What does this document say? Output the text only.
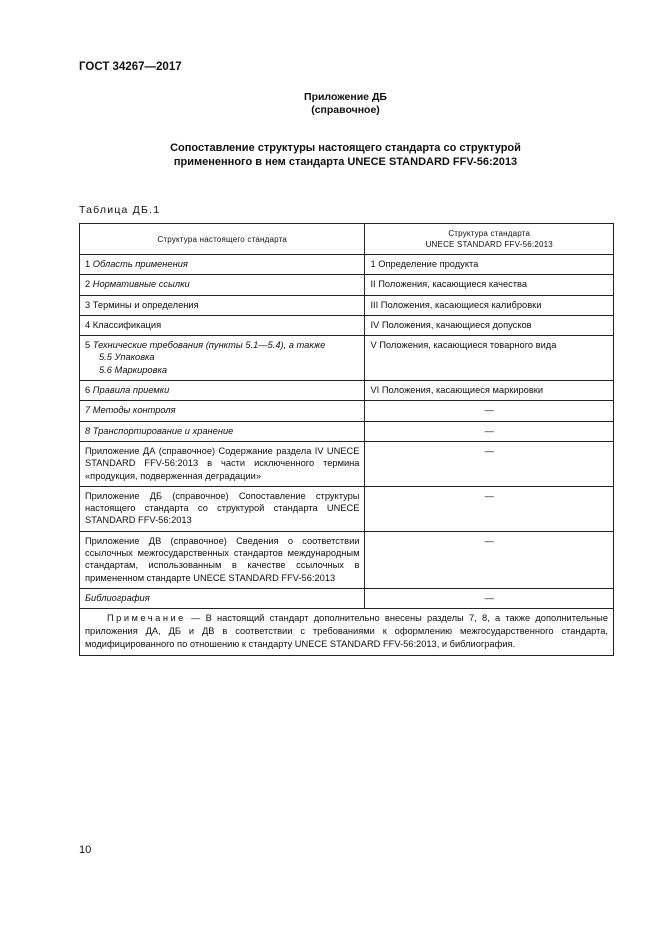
ГОСТ 34267—2017
Приложение ДБ
(справочное)
Сопоставление структуры настоящего стандарта со структурой
примененного в нем стандарта UNECE STANDARD FFV-56:2013
Таблица ДБ.1
Структура настоящего стандарта	Структура стандарта
UNECE STANDARD FFV-56:2013

1 Область применения	1 Определение продукта
2 Нормативные ссылки	II Положения, касающиеся качества
3 Термины и определения	III Положения, касающиеся калибровки
4 Классификация	IV Положения, качающиеся допусков

5 Технические требования (пункты 5.1—5.4), а также
5.5 Упаковка
5.6 Маркировка	V Положения, касающиеся товарного вида
6 Правила приемки	VI Положения, касающиеся маркировки
7 Методы контроля	—
8 Транспортирование и хранение	—
Приложение ДА (справочное) Содержание раздела IV UNECE STANDARD FFV-56:2013 в части исключенного термина «продукция, подверженная деградации»	—
Приложение ДБ (справочное) Сопоставление структуры настоящего стандарта со структурой стандарта UNECE STANDARD FFV-56:2013	—
Приложение ДВ (справочное) Сведения о соответствии ссылочных межгосударственных стандартов международным стандартам, использованным в качестве ссылочных в примененном стандарте UNECE STANDARD FFV-56:2013	—
Библиография	—
Примечание — В настоящий стандарт дополнительно внесены разделы 7, 8, а также дополнительные приложения ДА, ДБ и ДВ в соответствии с требованиями к оформлению межгосударственного стандарта, модифицированного по отношению к стандарту UNECE STANDARD FFV-56:2013, и библиография.	
10
